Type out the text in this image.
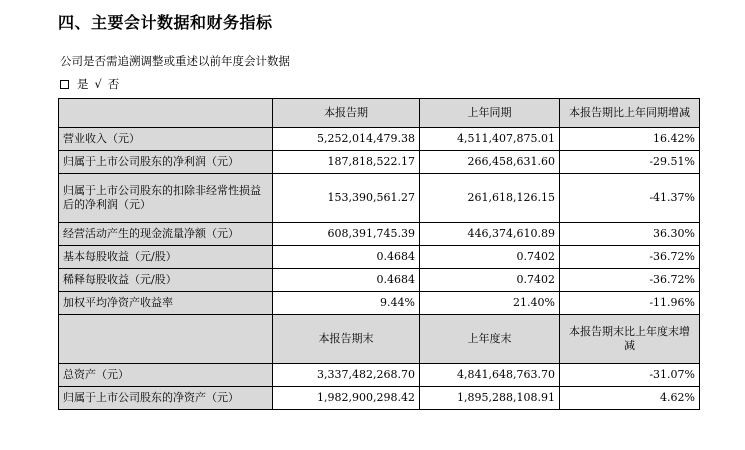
四、主要会计数据和财务指标
公司是否需追溯调整或重述以前年度会计数据
是 √ 否
	本报告期	上年同期	本报告期比上年同期增减
营业收入（元）	5,252,014,479.38	4,511,407,875.01	16.42%
归属于上市公司股东的净利润（元）	187,818,522.17	266,458,631.60	-29.51%
归属于上市公司股东的扣除非经常性损益后的净利润（元）	153,390,561.27	261,618,126.15	-41.37%
经营活动产生的现金流量净额（元）	608,391,745.39	446,374,610.89	36.30%
基本每股收益（元/股）	0.4684	0.7402	-36.72%
稀释每股收益（元/股）	0.4684	0.7402	-36.72%
加权平均净资产收益率	9.44%	21.40%	-11.96%
	本报告期末	上年度末	本报告期末比上年度末增减
总资产（元）	3,337,482,268.70	4,841,648,763.70	-31.07%
归属于上市公司股东的净资产（元）	1,982,900,298.42	1,895,288,108.91	4.62%
